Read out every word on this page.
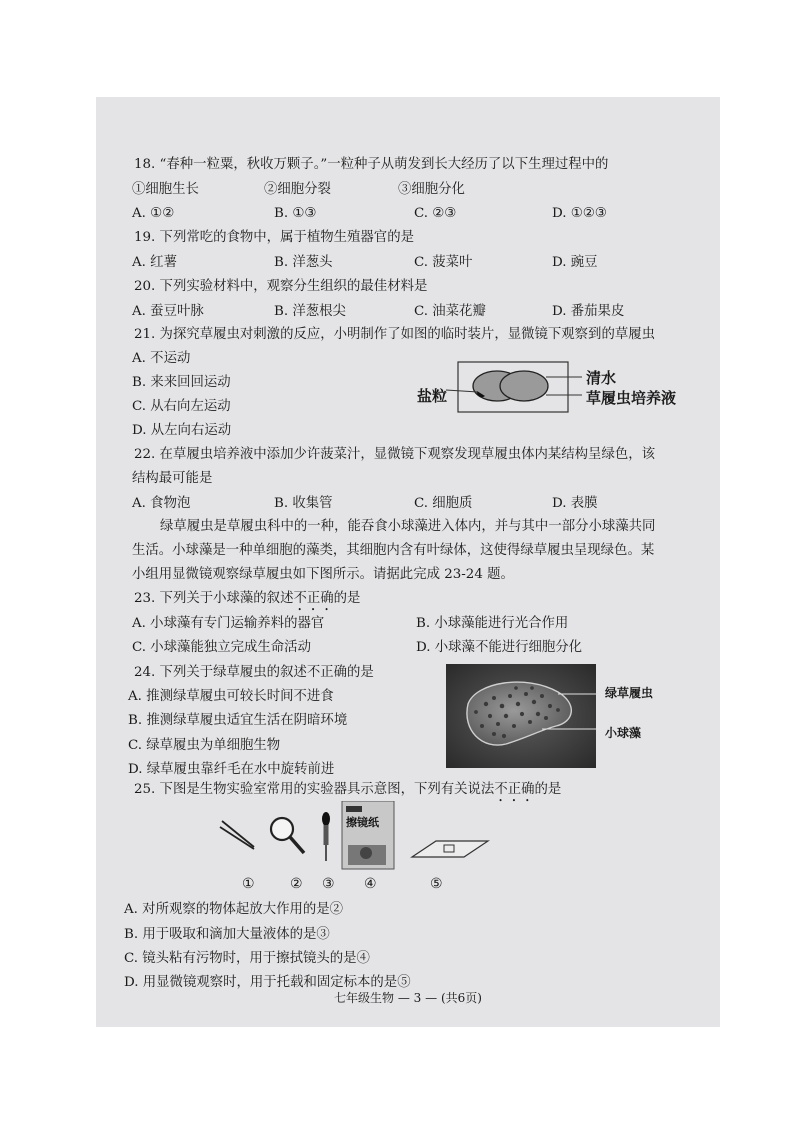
18. “春种一粒粟，秋收万颗子。”一粒种子从萌发到长大经历了以下生理过程中的
①细胞生长	②细胞分裂	③细胞分化
A. ①②	B. ①③	C. ②③	D. ①②③
19. 下列常吃的食物中，属于植物生殖器官的是
A. 红薯	B. 洋葱头	C. 菠菜叶	D. 豌豆
20. 下列实验材料中，观察分生组织的最佳材料是
A. 蚕豆叶脉	B. 洋葱根尖	C. 油菜花瓣	D. 番茄果皮
21. 为探究草履虫对刺激的反应，小明制作了如图的临时装片，显微镜下观察到的草履虫
A. 不运动
B. 来来回回运动
C. 从右向左运动
D. 从左向右运动
盐粒
清水
草履虫培养液
22. 在草履虫培养液中添加少许菠菜汁，显微镜下观察发现草履虫体内某结构呈绿色，该
结构最可能是
A. 食物泡	B. 收集管	C. 细胞质	D. 表膜
绿草履虫是草履虫科中的一种，能吞食小球藻进入体内，并与其中一部分小球藻共同
生活。小球藻是一种单细胞的藻类，其细胞内含有叶绿体，这使得绿草履虫呈现绿色。某
小组用显微镜观察绿草履虫如下图所示。请据此完成 23-24 题。
23. 下列关于小球藻的叙述不正确的是
A. 小球藻有专门运输养料的器官	B. 小球藻能进行光合作用
C. 小球藻能独立完成生命活动	D. 小球藻不能进行细胞分化
24. 下列关于绿草履虫的叙述不正确的是
A. 推测绿草履虫可较长时间不进食
B. 推测绿草履虫适宜生活在阴暗环境
C. 绿草履虫为单细胞生物
D. 绿草履虫靠纤毛在水中旋转前进
绿草履虫
小球藻
25. 下图是生物实验室常用的实验器具示意图，下列有关说法不正确的是
擦镜纸
①	② ③ ④	⑤
A. 对所观察的物体起放大作用的是②
B. 用于吸取和滴加大量液体的是③
C. 镜头粘有污物时，用于擦拭镜头的是④
D. 用显微镜观察时，用于托载和固定标本的是⑤
七年级生物 — 3 — (共6页)
